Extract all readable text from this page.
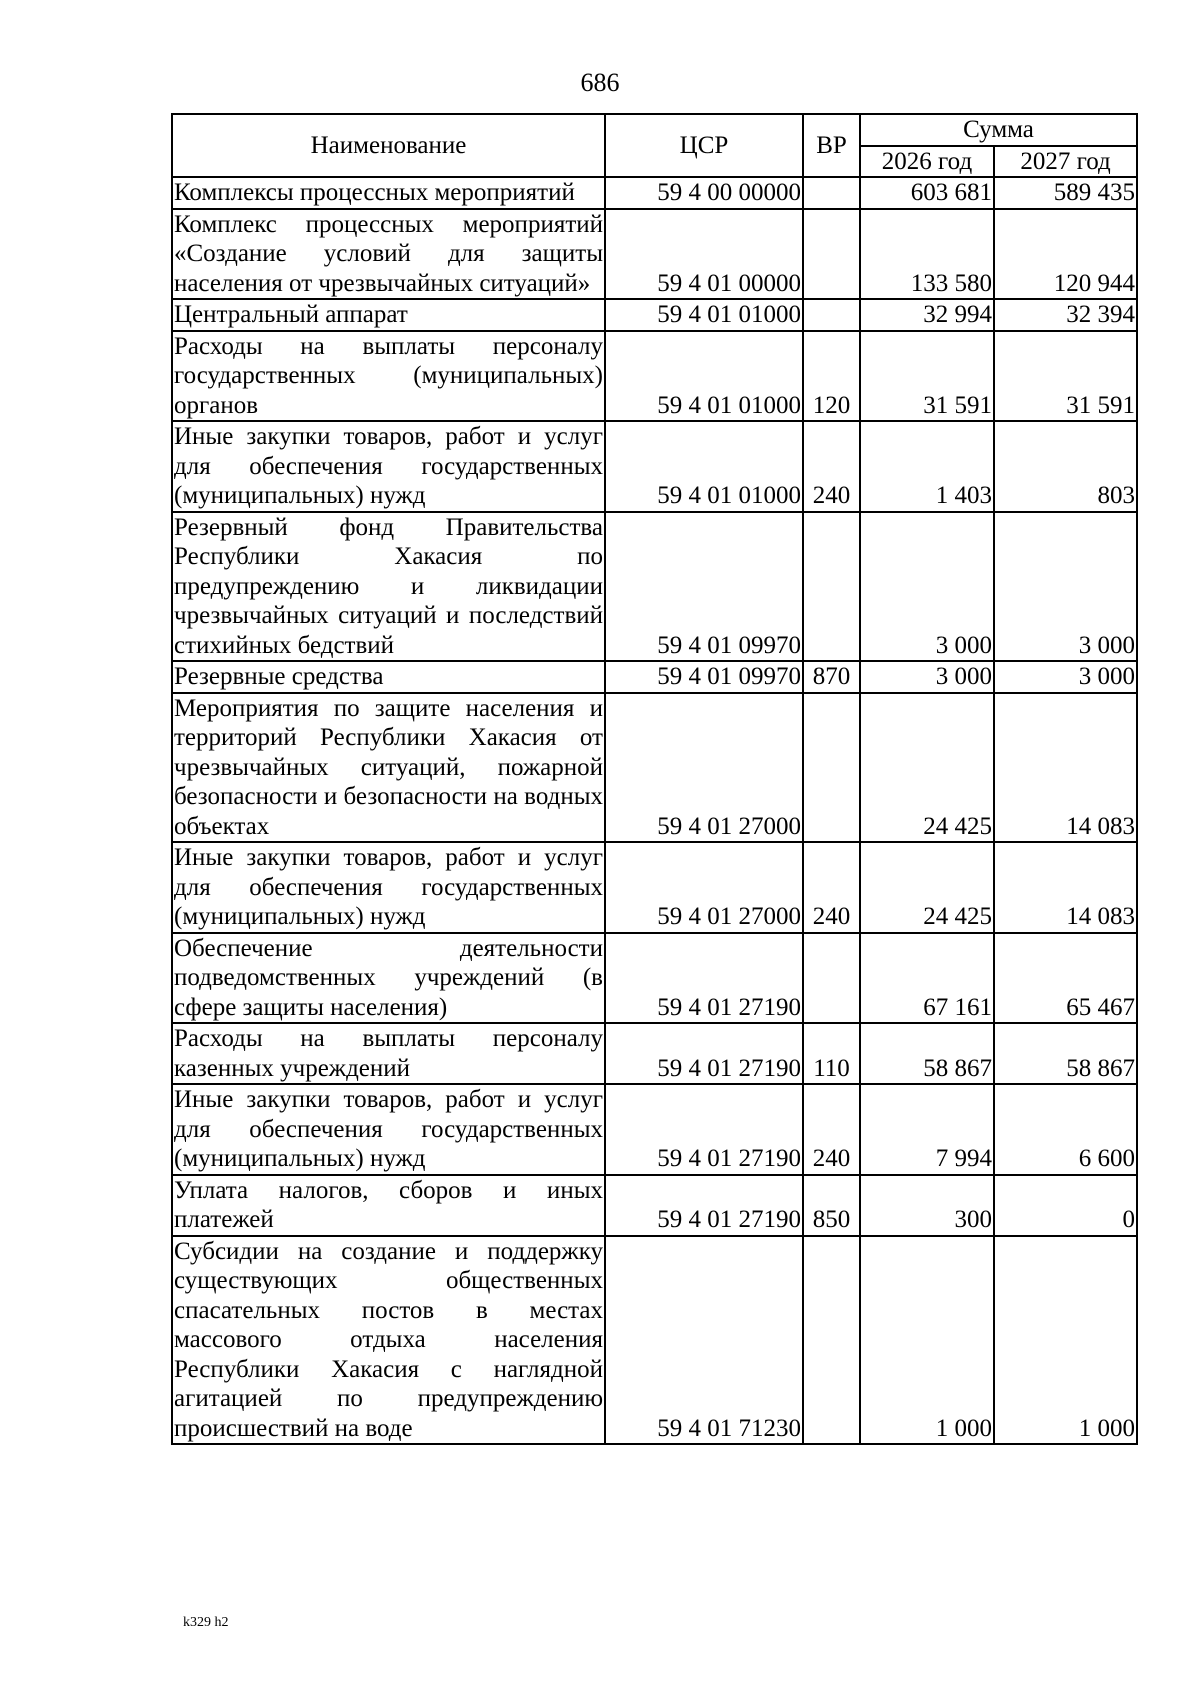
686
Наименование	ЦСР	ВР	Сумма	
			2026 год	2027 год
Комплексы процессных мероприятий	59 4 00 00000		603 681	589 435
Комплекс процессных мероприятий «Создание условий для защиты населения от чрезвычайных ситуаций»	59 4 01 00000		133 580	120 944
Центральный аппарат	59 4 01 01000		32 994	32 394
Расходы на выплаты персоналу государственных (муниципальных) органов	59 4 01 01000	120	31 591	31 591
Иные закупки товаров, работ и услуг для обеспечения государственных (муниципальных) нужд	59 4 01 01000	240	1 403	803
Резервный фонд Правительства Республики Хакасия по предупреждению и ликвидации чрезвычайных ситуаций и последствий стихийных бедствий	59 4 01 09970		3 000	3 000
Резервные средства	59 4 01 09970	870	3 000	3 000
Мероприятия по защите населения и территорий Республики Хакасия от чрезвычайных ситуаций, пожарной безопасности и безопасности на водных объектах	59 4 01 27000		24 425	14 083
Иные закупки товаров, работ и услуг для обеспечения государственных (муниципальных) нужд	59 4 01 27000	240	24 425	14 083
Обеспечение деятельности подведомственных учреждений (в сфере защиты населения)	59 4 01 27190		67 161	65 467
Расходы на выплаты персоналу казенных учреждений	59 4 01 27190	110	58 867	58 867
Иные закупки товаров, работ и услуг для обеспечения государственных (муниципальных) нужд	59 4 01 27190	240	7 994	6 600
Уплата налогов, сборов и иных платежей	59 4 01 27190	850	300	0
Субсидии на создание и поддержку существующих общественных спасательных постов в местах массового отдыха населения Республики Хакасия с наглядной агитацией по предупреждению происшествий на воде	59 4 01 71230		1 000	1 000
k329 h2
